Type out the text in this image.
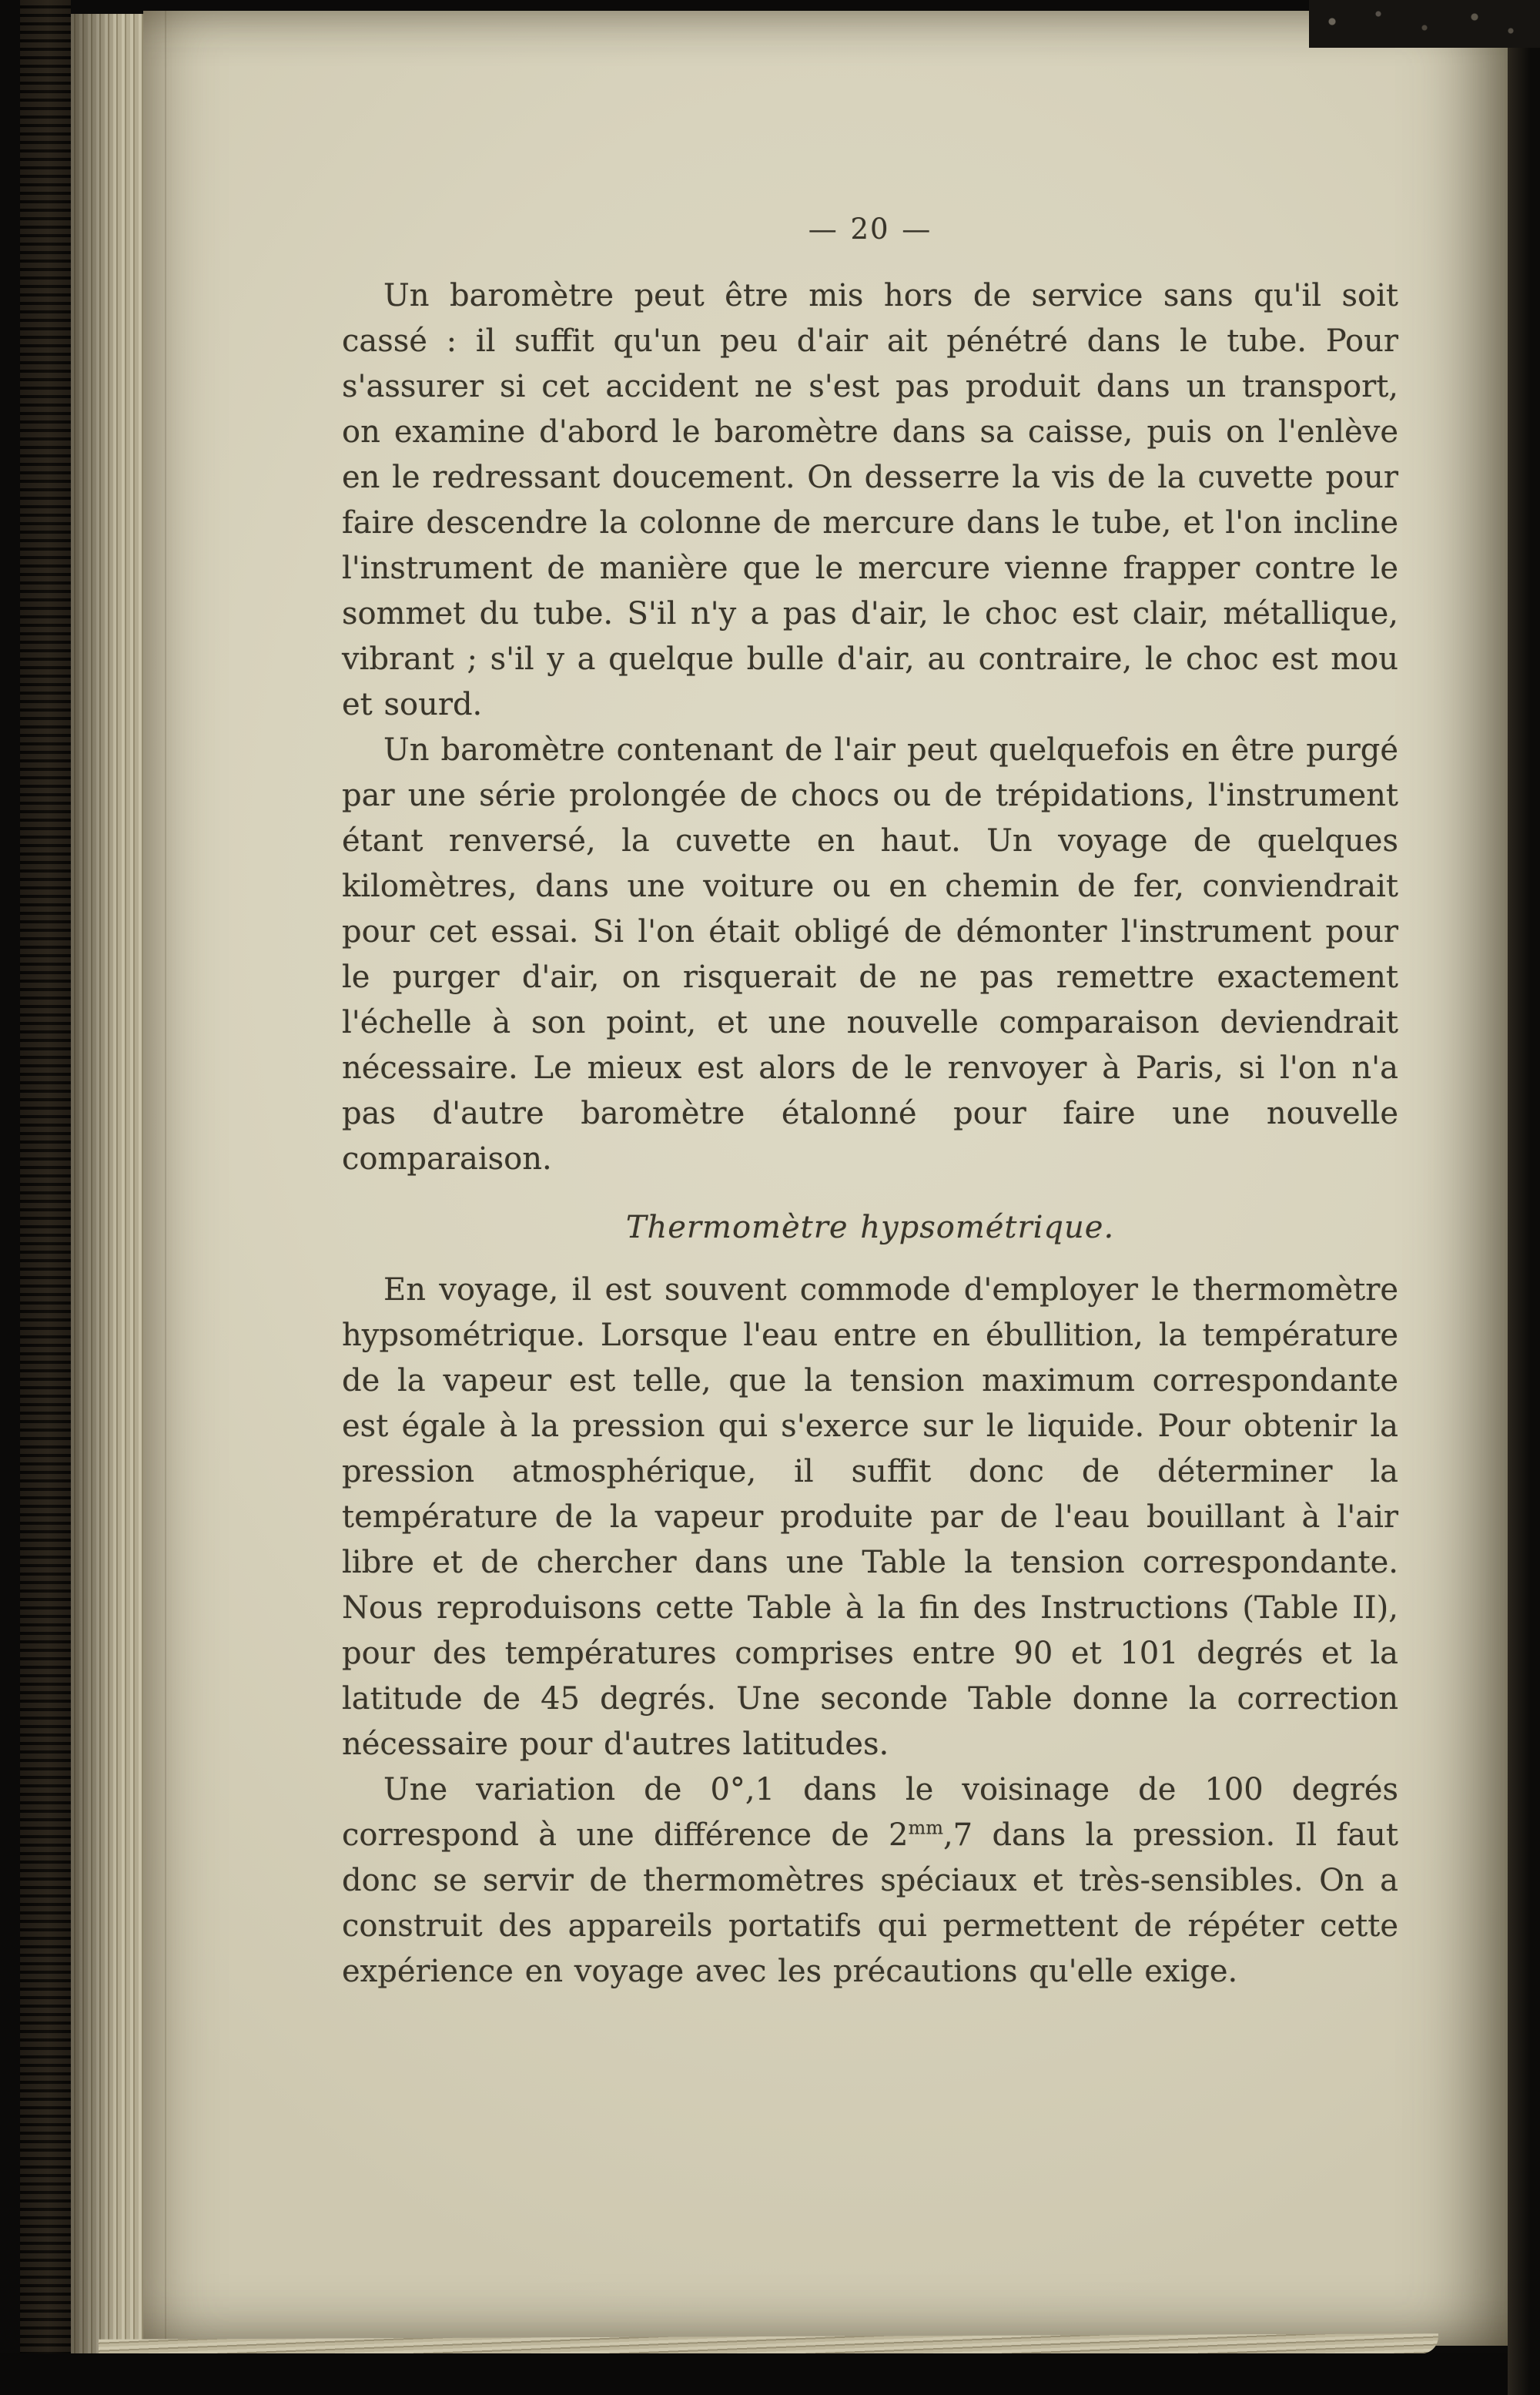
— 20 —

Un baromètre peut être mis hors de service sans qu'il soit cassé : il suffit qu'un peu d'air ait pénétré dans le tube. Pour s'assurer si cet accident ne s'est pas produit dans un transport, on examine d'abord le baromètre dans sa caisse, puis on l'enlève en le redressant doucement. On desserre la vis de la cuvette pour faire descendre la colonne de mercure dans le tube, et l'on incline l'instrument de manière que le mercure vienne frapper contre le sommet du tube. S'il n'y a pas d'air, le choc est clair, métallique, vibrant ; s'il y a quelque bulle d'air, au contraire, le choc est mou et sourd.

Un baromètre contenant de l'air peut quelquefois en être purgé par une série prolongée de chocs ou de trépidations, l'instrument étant renversé, la cuvette en haut. Un voyage de quelques kilomètres, dans une voiture ou en chemin de fer, conviendrait pour cet essai. Si l'on était obligé de démonter l'instrument pour le purger d'air, on risquerait de ne pas remettre exactement l'échelle à son point, et une nouvelle comparaison deviendrait nécessaire. Le mieux est alors de le renvoyer à Paris, si l'on n'a pas d'autre baromètre étalonné pour faire une nouvelle comparaison.

Thermomètre hypsométrique.

En voyage, il est souvent commode d'employer le thermomètre hypsométrique. Lorsque l'eau entre en ébullition, la température de la vapeur est telle, que la tension maximum correspondante est égale à la pression qui s'exerce sur le liquide. Pour obtenir la pression atmosphérique, il suffit donc de déterminer la température de la vapeur produite par de l'eau bouillant à l'air libre et de chercher dans une Table la tension correspondante. Nous reproduisons cette Table à la fin des Instructions (Table II), pour des températures comprises entre 90 et 101 degrés et la latitude de 45 degrés. Une seconde Table donne la correction nécessaire pour d'autres latitudes.

Une variation de 0°,1 dans le voisinage de 100 degrés correspond à une différence de $2^{mm},7$ dans la pression. Il faut donc se servir de thermomètres spéciaux et très-sensibles. On a construit des appareils portatifs qui permettent de répéter cette expérience en voyage avec les précautions qu'elle exige.
